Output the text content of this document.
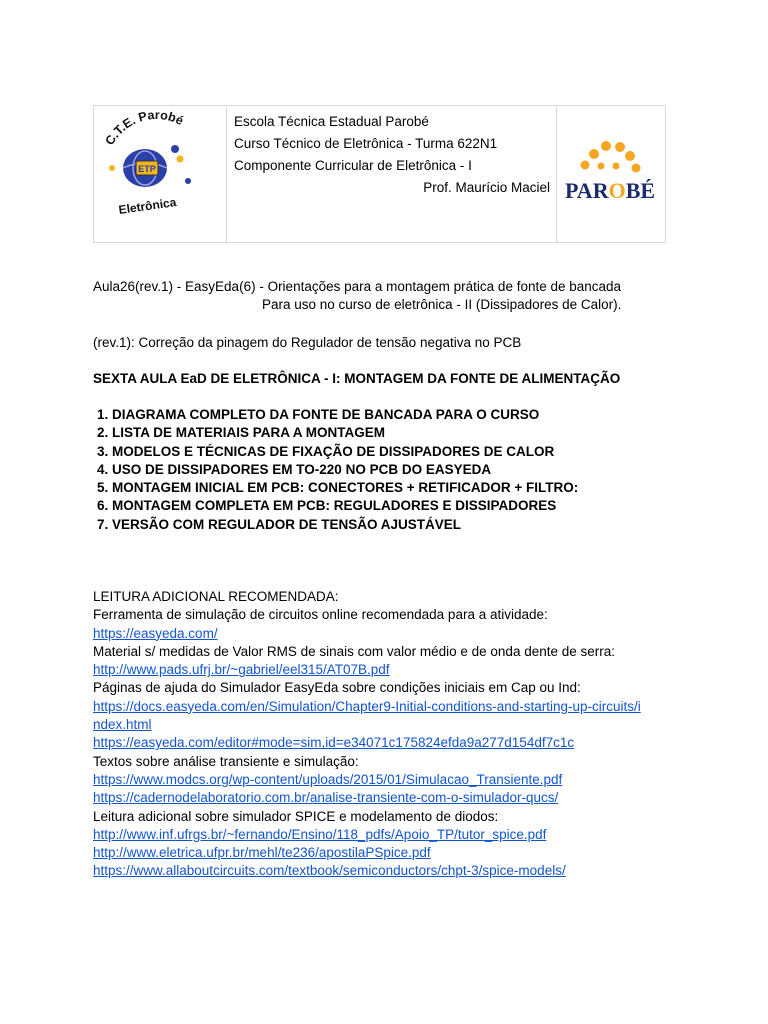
C.T.E. Parobé
ETP
Eletrônica

Escola Técnica Estadual Parobé
Curso Técnico de Eletrônica - Turma 622N1
Componente Curricular de Eletrônica - I
Prof. Maurício Maciel	PAROBÉ
Aula26(rev.1) - EasyEda(6) - Orientações para a montagem prática de fonte de bancada
Para uso no curso de eletrônica - II (Dissipadores de Calor).
(rev.1): Correção da pinagem do Regulador de tensão negativa no PCB
SEXTA AULA EaD DE ELETRÔNICA - I: MONTAGEM DA FONTE DE ALIMENTAÇÃO
1. DIAGRAMA COMPLETO DA FONTE DE BANCADA PARA O CURSO
2. LISTA DE MATERIAIS PARA A MONTAGEM
3. MODELOS E TÉCNICAS DE FIXAÇÃO DE DISSIPADORES DE CALOR
4. USO DE DISSIPADORES EM TO-220 NO PCB DO EASYEDA
5. MONTAGEM INICIAL EM PCB: CONECTORES + RETIFICADOR + FILTRO:
6. MONTAGEM COMPLETA EM PCB: REGULADORES E DISSIPADORES
7. VERSÃO COM REGULADOR DE TENSÃO AJUSTÁVEL
LEITURA ADICIONAL RECOMENDADA:
Ferramenta de simulação de circuitos online recomendada para a atividade:
https://easyeda.com/
Material s/ medidas de Valor RMS de sinais com valor médio e de onda dente de serra:
http://www.pads.ufrj.br/~gabriel/eel315/AT07B.pdf
Páginas de ajuda do Simulador EasyEda sobre condições iniciais em Cap ou Ind:
https://docs.easyeda.com/en/Simulation/Chapter9-Initial-conditions-and-starting-up-circuits/i
ndex.html
https://easyeda.com/editor#mode=sim,id=e34071c175824efda9a277d154df7c1c
Textos sobre análise transiente e simulação:
https://www.modcs.org/wp-content/uploads/2015/01/Simulacao_Transiente.pdf
https://cadernodelaboratorio.com.br/analise-transiente-com-o-simulador-qucs/
Leitura adicional sobre simulador SPICE e modelamento de diodos:
http://www.inf.ufrgs.br/~fernando/Ensino/118_pdfs/Apoio_TP/tutor_spice.pdf
http://www.eletrica.ufpr.br/mehl/te236/apostilaPSpice.pdf
https://www.allaboutcircuits.com/textbook/semiconductors/chpt-3/spice-models/
